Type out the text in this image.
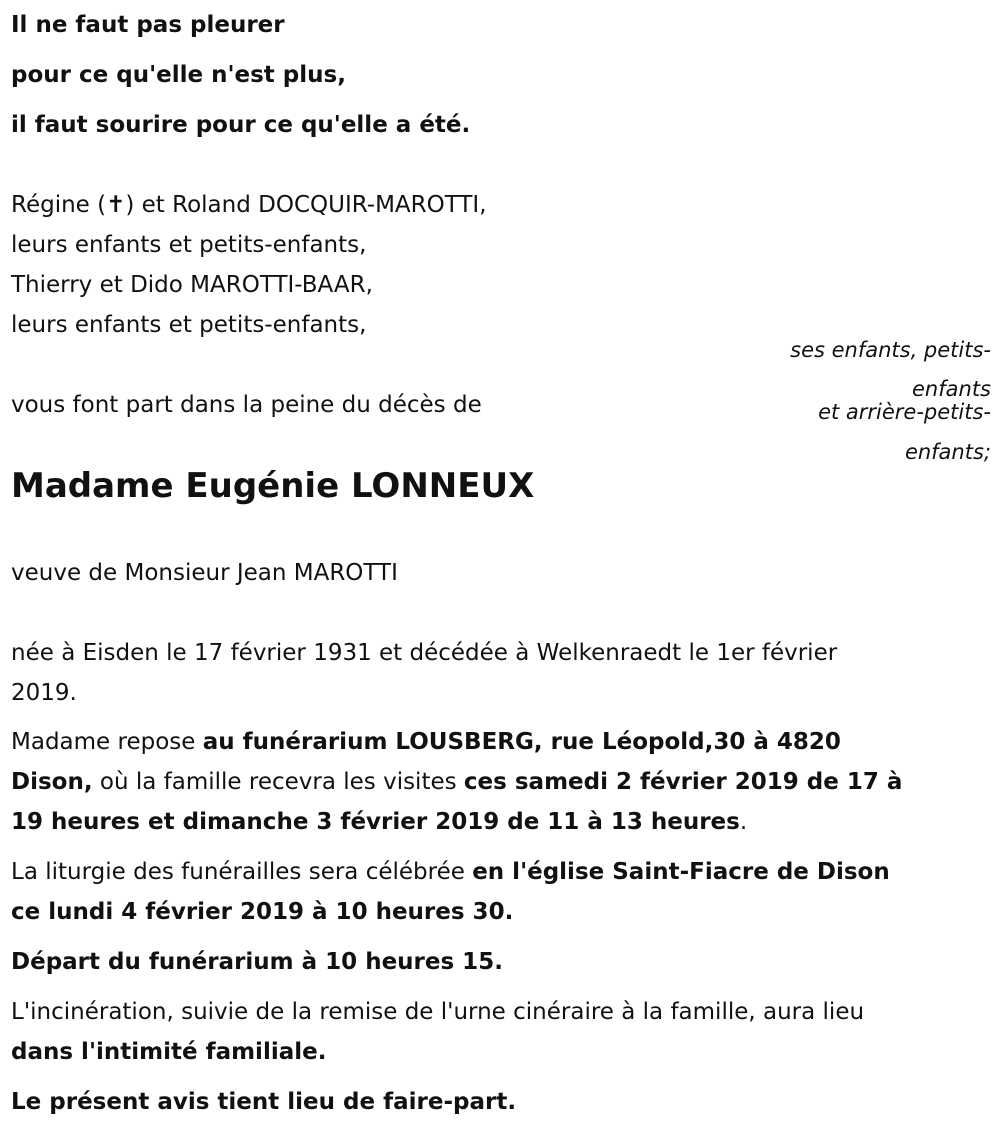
Il ne faut pas pleurer
pour ce qu'elle n'est plus,
il faut sourire pour ce qu'elle a été.
Régine (✝) et Roland DOCQUIR-MAROTTI,
leurs enfants et petits-enfants,
Thierry et Dido MAROTTI-BAAR,
leurs enfants et petits-enfants,
ses enfants, petits-
enfants
et arrière-petits-
enfants;
vous font part dans la peine du décès de
Madame Eugénie LONNEUX
veuve de Monsieur Jean MAROTTI
née à Eisden le 17 février 1931 et décédée à Welkenraedt le 1er février
2019.
Madame repose au funérarium LOUSBERG, rue Léopold,30 à 4820
Dison, où la famille recevra les visites ces samedi 2 février 2019 de 17 à
19 heures et dimanche 3 février 2019 de 11 à 13 heures.
La liturgie des funérailles sera célébrée en l'église Saint-Fiacre de Dison
ce lundi 4 février 2019 à 10 heures 30.
Départ du funérarium à 10 heures 15.
L'incinération, suivie de la remise de l'urne cinéraire à la famille, aura lieu
dans l'intimité familiale.
Le présent avis tient lieu de faire-part.
